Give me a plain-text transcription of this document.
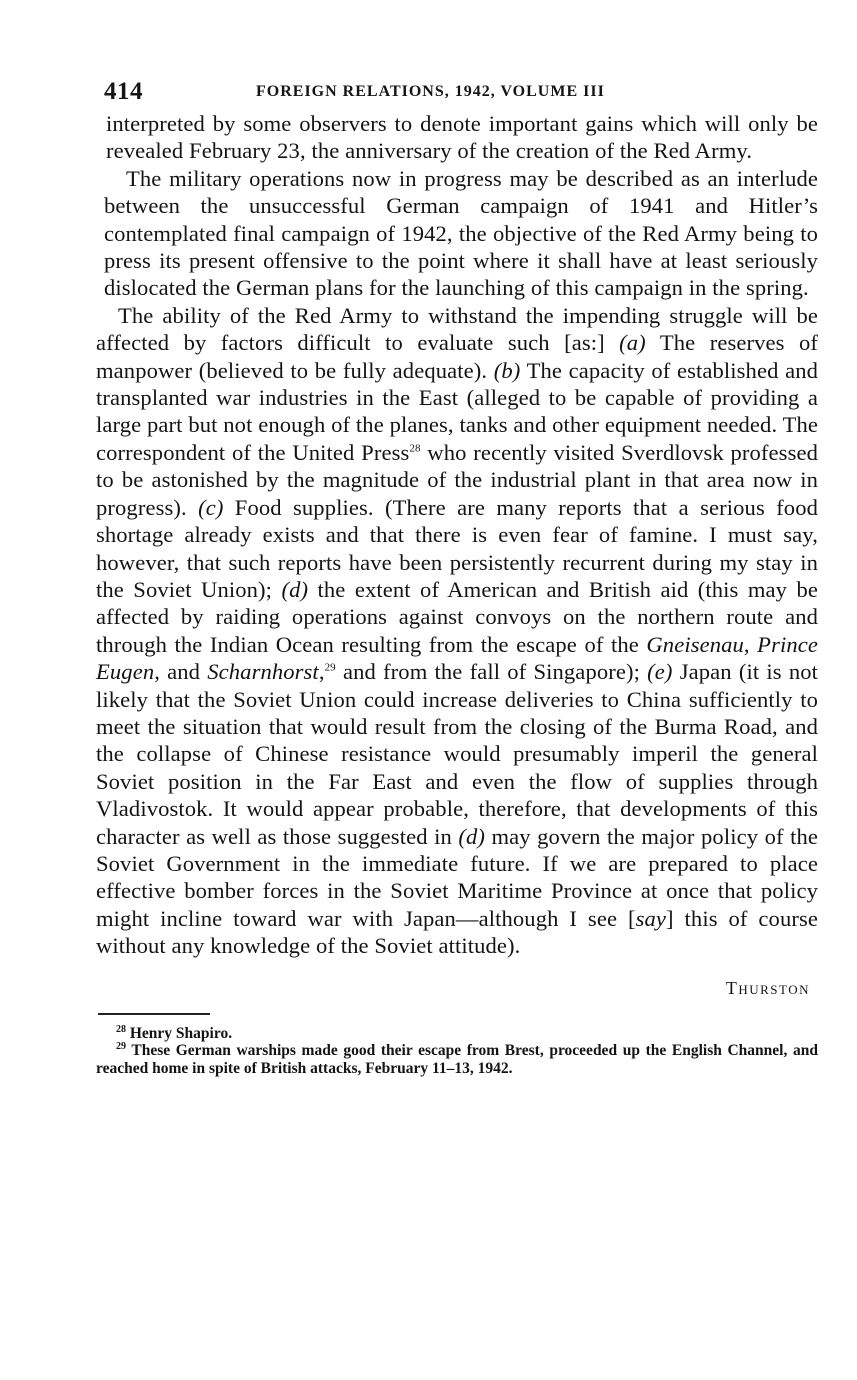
414	FOREIGN RELATIONS, 1942, VOLUME III

interpreted by some observers to denote important gains which will only be revealed February 23, the anniversary of the creation of the Red Army.

The military operations now in progress may be described as an interlude between the unsuccessful German campaign of 1941 and Hitler’s contemplated final campaign of 1942, the objective of the Red Army being to press its present offensive to the point where it shall have at least seriously dislocated the German plans for the launching of this campaign in the spring.

The ability of the Red Army to withstand the impending struggle will be affected by factors difficult to evaluate such [as:] (a) The reserves of manpower (believed to be fully adequate). (b) The capacity of established and transplanted war industries in the East (alleged to be capable of providing a large part but not enough of the planes, tanks and other equipment needed. The correspondent of the United Press$^{28}$ who recently visited Sverdlovsk professed to be astonished by the magnitude of the industrial plant in that area now in progress). (c) Food supplies. (There are many reports that a serious food shortage already exists and that there is even fear of famine. I must say, however, that such reports have been persistently recurrent during my stay in the Soviet Union); (d) the extent of American and British aid (this may be affected by raiding operations against convoys on the northern route and through the Indian Ocean resulting from the escape of the Gneisenau, Prince Eugen, and Scharnhorst,$^{29}$ and from the fall of Singapore); (e) Japan (it is not likely that the Soviet Union could increase deliveries to China sufficiently to meet the situation that would result from the closing of the Burma Road, and the collapse of Chinese resistance would presumably imperil the general Soviet position in the Far East and even the flow of supplies through Vladivostok. It would appear probable, therefore, that developments of this character as well as those suggested in (d) may govern the major policy of the Soviet Government in the immediate future. If we are prepared to place effective bomber forces in the Soviet Maritime Province at once that policy might incline toward war with Japan—although I see [say] this of course without any knowledge of the Soviet attitude).

Thurston

$^{28}$ Henry Shapiro.

$^{29}$ These German warships made good their escape from Brest, proceeded up the English Channel, and reached home in spite of British attacks, February 11–13, 1942.
